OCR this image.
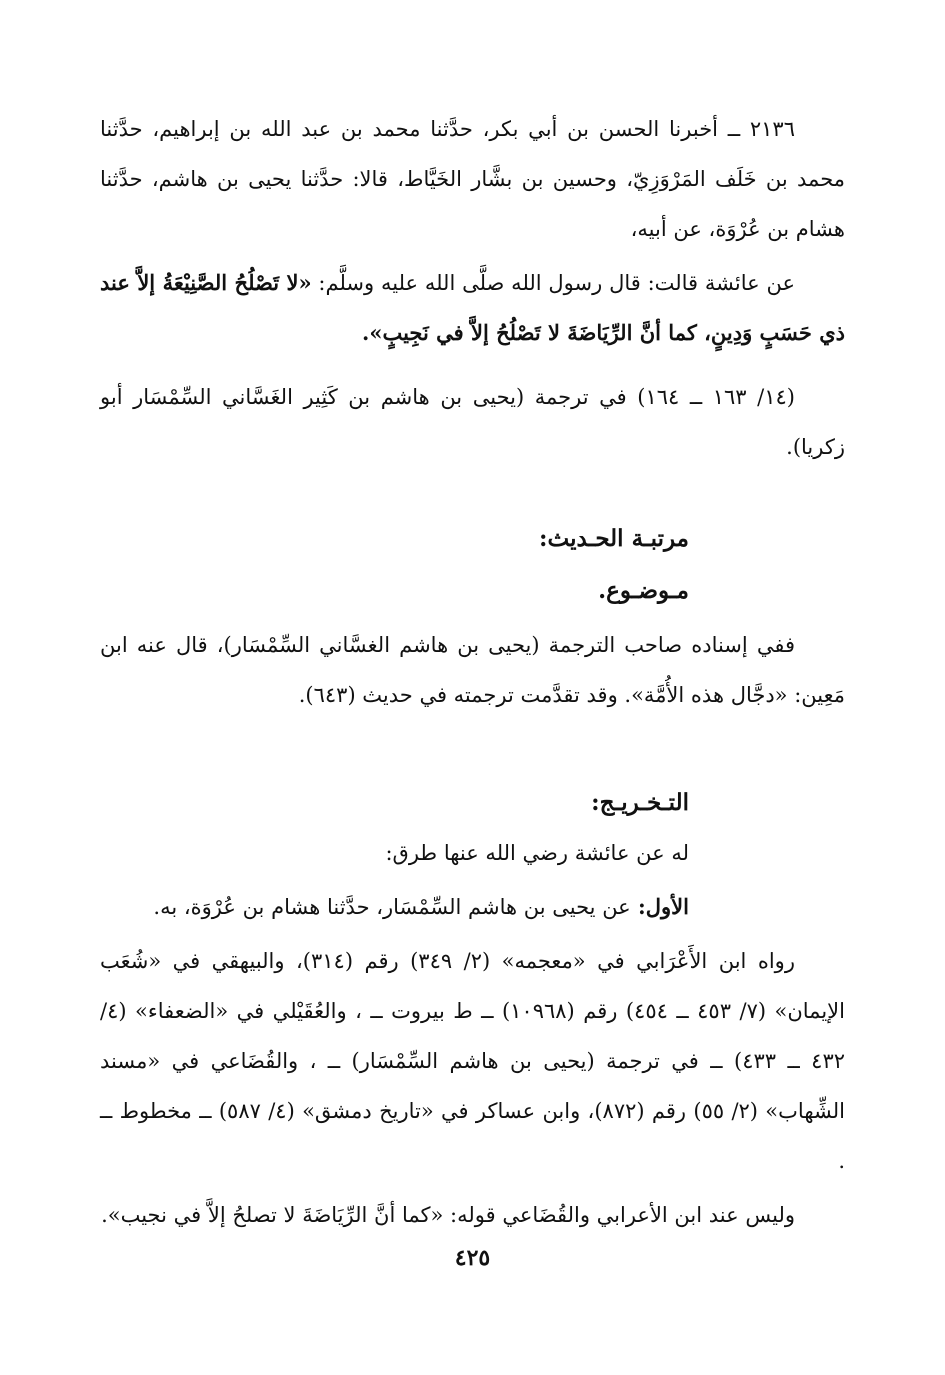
٢١٣٦ ــ أخبرنا الحسن بن أبي بكر، حدَّثنا محمد بن عبد الله بن إبراهيم، حدَّثنا محمد بن خَلَف المَرْوَزِيّ، وحسين بن بشَّار الخَيَّاط، قالا: حدَّثنا يحيى بن هاشم، حدَّثنا هشام بن عُرْوَة، عن أبيه،

عن عائشة قالت: قال رسول الله صلَّى الله عليه وسلَّم: «لا تَصْلُحُ الصَّنِيْعَةُ إلاَّ عند ذي حَسَبٍ وَدِينٍ، كما أنَّ الرِّيَاضَةَ لا تَصْلُحُ إلاَّ في نَجِيبٍ».

(١٤/ ١٦٣ ــ ١٦٤) في ترجمة (يحيى بن هاشم بن كَثِير الغَسَّاني السِّمْسَار أبو زكريا).

مرتبـة الحـديث:
مـوضـوع.

ففي إسناده صاحب الترجمة (يحيى بن هاشم الغسَّاني السِّمْسَار)، قال عنه ابن مَعِين: «دجَّال هذه الأُمَّة». وقد تقدَّمت ترجمته في حديث (٦٤٣).

التـخـريـج:

له عن عائشة رضي الله عنها طرق:

الأول: عن يحيى بن هاشم السِّمْسَار، حدَّثنا هشام بن عُرْوَة، به.

رواه ابن الأَعْرَابي في «معجمه» (٢/ ٣٤٩) رقم (٣١٤)، والبيهقي في «شُعَب الإيمان» (٧/ ٤٥٣ ــ ٤٥٤) رقم (١٠٩٦٨) ــ ط بيروت ــ ، والعُقَيْلي في «الضعفاء» (٤/ ٤٣٢ ــ ٤٣٣) ــ في ترجمة (يحيى بن هاشم السِّمْسَار) ــ ، والقُضَاعي في «مسند الشِّهاب» (٢/ ٥٥) رقم (٨٧٢)، وابن عساكر في «تاريخ دمشق» (٤/ ٥٨٧) ــ مخطوط ــ .

وليس عند ابن الأعرابي والقُضَاعي قوله: «كما أنَّ الرِّيَاضَةَ لا تصلحُ إلاَّ في نجيب».

٤٢٥
